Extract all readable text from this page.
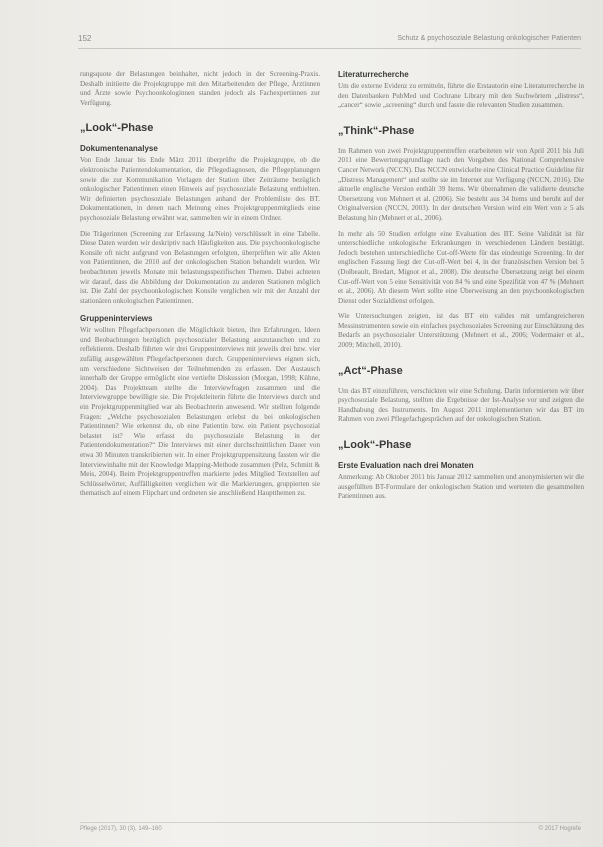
152	Schutz & psychosoziale Belastung onkologischer Patienten

rungsquote der Belastungen beinhaltet, nicht jedoch in der Screening-Praxis. Deshalb initiierte die Projektgruppe mit den Mitarbeitenden der Pflege, Ärztinnen und Ärzte sowie Psychoonkologinnen standen jedoch als Fachexpertinnen zur Verfügung.

„Look“-Phase
Dokumentenanalyse

Von Ende Januar bis Ende März 2011 überprüfte die Projektgruppe, ob die elektronische Patientendokumentation, die Pflegediagnosen, die Pflegeplanungen sowie die zur Kommunikation Vorlagen der Station über Zeiträume bezüglich onkologischer Patientinnen einen Hinweis auf psychosoziale Belastung enthielten. Wir definierten psychosoziale Belastungen anhand der Problemliste des BT. Dokumentationen, in denen nach Meinung eines Projektgruppenmitglieds eine psychosoziale Belastung erwähnt war, sammelten wir in einem Ordner.

Die Trägerinnen (Screening zur Erfassung Ja/Nein) verschlüsselt in eine Tabelle. Diese Daten wurden wir deskriptiv nach Häufigkeiten aus. Die psychoonkologische Konsile oft nicht aufgrund von Belastungen erfolgten, überprüften wir alle Akten von Patientinnen, die 2010 auf der onkologischen Station behandelt wurden. Wir beobachteten jeweils Monate mit belastungsspezifischen Themen. Dabei achteten wir darauf, dass die Abbildung der Dokumentation zu anderen Stationen möglich ist. Die Zahl der psychoonkologischen Konsile verglichen wir mit der Anzahl der stationären onkologischen Patientinnen.

Gruppeninterviews

Wir wollten Pflegefachpersonen die Möglichkeit bieten, ihre Erfahrungen, Ideen und Beobachtungen bezüglich psychosozialer Belastung auszutauschen und zu reflektieren. Deshalb führten wir drei Gruppeninterviews mit jeweils drei bzw. vier zufällig ausgewählten Pflegefachpersonen durch. Gruppeninterviews eignen sich, um verschiedene Sichtweisen der Teilnehmenden zu erfassen. Der Austausch innerhalb der Gruppe ermöglicht eine vertiefte Diskussion (Morgan, 1998; Kühne, 2004). Das Projektteam stellte die Interviewfragen zusammen und die Interviewgruppe bewilligte sie. Die Projektleiterin führte die Interviews durch und ein Projektgruppenmitglied war als Beobachterin anwesend. Wir stellten folgende Fragen: „Welche psychosozialen Belastungen erlebst du bei onkologischen Patientinnen? Wie erkennst du, ob eine Patientin bzw. ein Patient psychosozial belastet ist? Wie erfasst du psychosoziale Belastung in der Patientendokumentation?“ Die Interviews mit einer durchschnittlichen Dauer von etwa 30 Minuten transkribierten wir. In einer Projektgruppensitzung fassten wir die Interviewinhalte mit der Knowledge Mapping-Methode zusammen (Pelz, Schmitt & Meis, 2004). Beim Projektgruppentreffen markierte jedes Mitglied Textstellen auf Schlüsselwörter, Auffälligkeiten verglichen wir die Markierungen, gruppierten sie thematisch auf einem Flipchart und ordneten sie anschließend Hauptthemen zu.

Literaturrecherche

Um die externe Evidenz zu ermitteln, führte die Erstautorin eine Literaturrecherche in den Datenbanken PubMed und Cochrane Library mit den Suchwörtern „distress“, „cancer“ sowie „screening“ durch und fasste die relevanten Studien zusammen.

„Think“-Phase

Im Rahmen von zwei Projektgruppentreffen erarbeiteten wir von April 2011 bis Juli 2011 eine Bewertungsgrundlage nach den Vorgaben des National Comprehensive Cancer Network (NCCN). Das NCCN entwickelte eine Clinical Practice Guideline für „Distress Management“ und stellte sie im Internet zur Verfügung (NCCN, 2016). Die aktuelle englische Version enthält 39 Items. Wir übernahmen die validierte deutsche Übersetzung von Mehnert et al. (2006). Sie besteht aus 34 Items und beruht auf der Originalversion (NCCN, 2003). In der deutschen Version wird ein Wert von ≥ 5 als Belastung hin (Mehnert et al., 2006).

In mehr als 50 Studien erfolgte eine Evaluation des BT. Seine Validität ist für unterschiedliche onkologische Erkrankungen in verschiedenen Ländern bestätigt. Jedoch bestehen unterschiedliche Cut-off-Werte für das eindeutige Screening. In der englischen Fassung liegt der Cut-off-Wert bei 4, in der französischen Version bei 5 (Dolbeault, Bredart, Mignot et al., 2008). Die deutsche Übersetzung zeigt bei einem Cut-off-Wert von 5 eine Sensitivität von 84 % und eine Spezifität von 47 % (Mehnert et al., 2006). Ab diesem Wert sollte eine Überweisung an den psychoonkologischen Dienst oder Sozialdienst erfolgen.

Wie Untersuchungen zeigten, ist das BT ein valides mit umfangreicheren Messinstrumenten sowie ein einfaches psychosoziales Screening zur Einschätzung des Bedarfs an psychosozialer Unterstützung (Mehnert et al., 2006; Vodermaier et al., 2009; Mitchell, 2010).

„Act“-Phase

Um das BT einzuführen, verschickten wir eine Schulung. Darin informierten wir über psychosoziale Belastung, stellten die Ergebnisse der Ist-Analyse vor und zeigten die Handhabung des Instruments. Im August 2011 implementierten wir das BT im Rahmen von zwei Pflegefachgesprächen auf der onkologischen Station.

„Look“-Phase
Erste Evaluation nach drei Monaten

Anmerkung: Ab Oktober 2011 bis Januar 2012 sammelten und anonymisierten wir die ausgefüllten BT-Formulare der onkologischen Station und werteten die gesammelten Patientinnen aus.

Pflege (2017), 30 (3), 149–160	© 2017 Hogrefe
